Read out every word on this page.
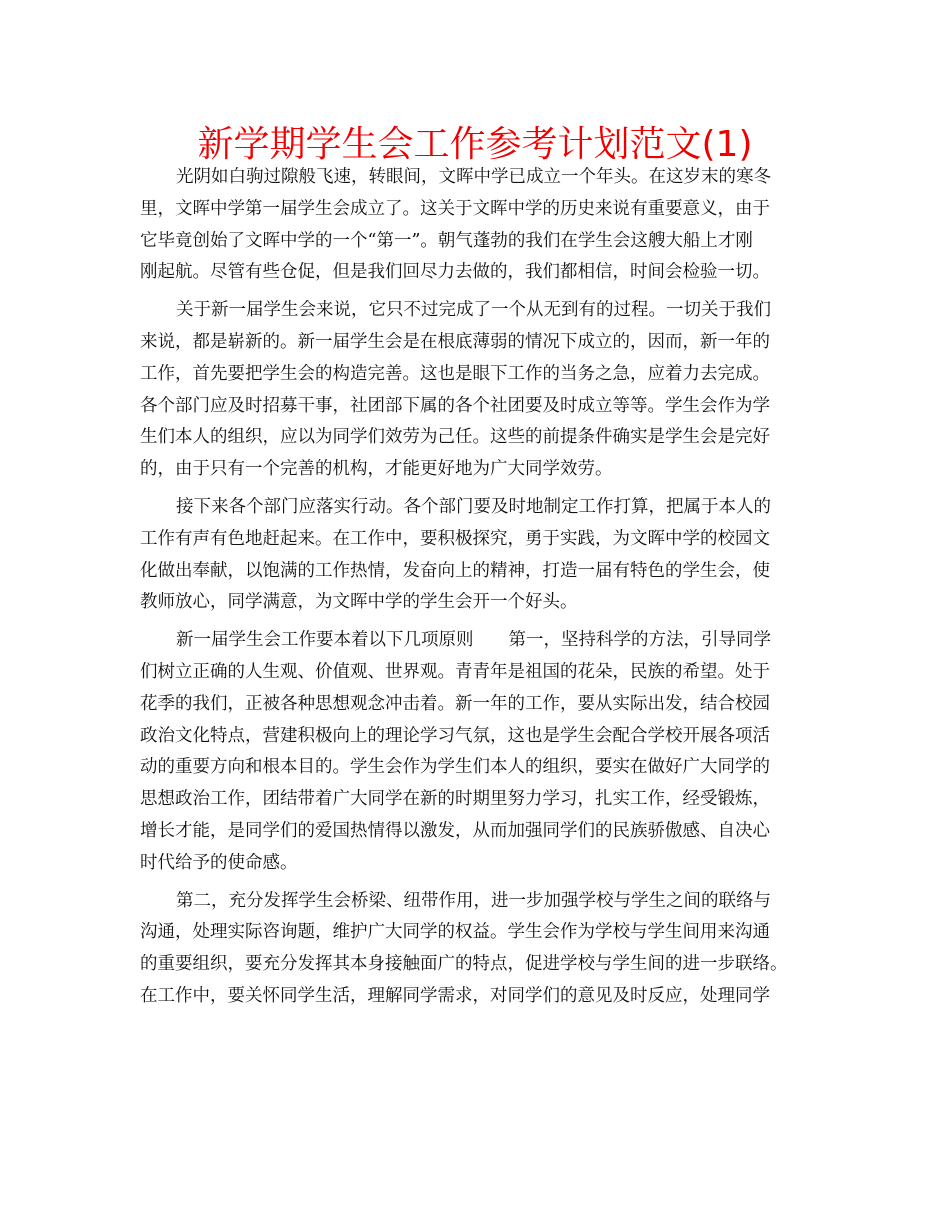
新学期学生会工作参考计划范文(1)

光阴如白驹过隙般飞速，转眼间，文晖中学已成立一个年头。在这岁末的寒冬
里，文晖中学第一届学生会成立了。这关于文晖中学的历史来说有重要意义，由于
它毕竟创始了文晖中学的一个“第一”。朝气蓬勃的我们在学生会这艘大船上才刚
刚起航。尽管有些仓促，但是我们回尽力去做的，我们都相信，时间会检验一切。

关于新一届学生会来说，它只不过完成了一个从无到有的过程。一切关于我们
来说，都是崭新的。新一届学生会是在根底薄弱的情况下成立的，因而，新一年的
工作，首先要把学生会的构造完善。这也是眼下工作的当务之急，应着力去完成。
各个部门应及时招募干事，社团部下属的各个社团要及时成立等等。学生会作为学
生们本人的组织，应以为同学们效劳为己任。这些的前提条件确实是学生会是完好
的，由于只有一个完善的机构，才能更好地为广大同学效劳。

接下来各个部门应落实行动。各个部门要及时地制定工作打算，把属于本人的
工作有声有色地赶起来。在工作中，要积极探究，勇于实践，为文晖中学的校园文
化做出奉献，以饱满的工作热情，发奋向上的精神，打造一届有特色的学生会，使
教师放心，同学满意，为文晖中学的学生会开一个好头。

新一届学生会工作要本着以下几项原则　　第一，坚持科学的方法，引导同学
们树立正确的人生观、价值观、世界观。青青年是祖国的花朵，民族的希望。处于
花季的我们，正被各种思想观念冲击着。新一年的工作，要从实际出发，结合校园
政治文化特点，营建积极向上的理论学习气氛，这也是学生会配合学校开展各项活
动的重要方向和根本目的。学生会作为学生们本人的组织，要实在做好广大同学的
思想政治工作，团结带着广大同学在新的时期里努力学习，扎实工作，经受锻炼，
增长才能，是同学们的爱国热情得以激发，从而加强同学们的民族骄傲感、自决心
时代给予的使命感。

第二，充分发挥学生会桥梁、纽带作用，进一步加强学校与学生之间的联络与
沟通，处理实际咨询题，维护广大同学的权益。学生会作为学校与学生间用来沟通
的重要组织，要充分发挥其本身接触面广的特点，促进学校与学生间的进一步联络。
在工作中，要关怀同学生活，理解同学需求，对同学们的意见及时反应，处理同学
